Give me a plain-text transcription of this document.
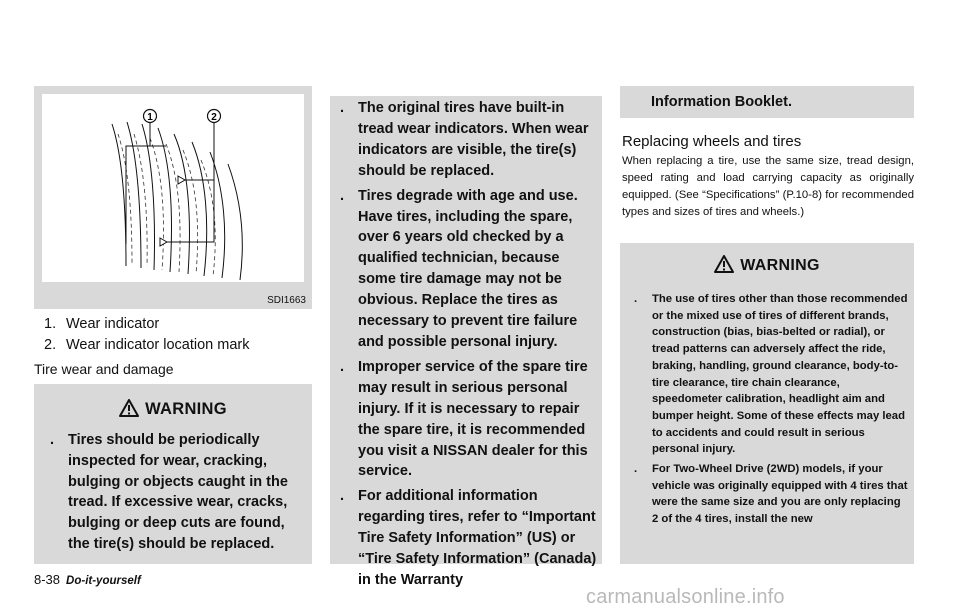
1	2
SDI1663
1. Wear indicator
2. Wear indicator location mark
Tire wear and damage
WARNING
. Tires should be periodically inspected for wear, cracking, bulging or objects caught in the tread. If excessive wear, cracks, bulging or deep cuts are found, the tire(s) should be replaced.
. The original tires have built-in tread wear indicators. When wear indicators are visible, the tire(s) should be replaced.
. Tires degrade with age and use. Have tires, including the spare, over 6 years old checked by a qualified technician, because some tire damage may not be obvious. Replace the tires as necessary to prevent tire failure and possible personal injury.
. Improper service of the spare tire may result in serious personal injury. If it is necessary to repair the spare tire, it is recommended you visit a NISSAN dealer for this service.
. For additional information regarding tires, refer to “Important Tire Safety Information” (US) or “Tire Safety Information” (Canada) in the Warranty
Information Booklet.
Replacing wheels and tires
When replacing a tire, use the same size, tread design, speed rating and load carrying capacity as originally equipped. (See “Specifications” (P.10-8) for recommended types and sizes of tires and wheels.)
WARNING
. The use of tires other than those recommended or the mixed use of tires of different brands, construction (bias, bias-belted or radial), or tread patterns can adversely affect the ride, braking, handling, ground clearance, body-to-tire clearance, tire chain clearance, speedometer calibration, headlight aim and bumper height. Some of these effects may lead to accidents and could result in serious personal injury.
. For Two-Wheel Drive (2WD) models, if your vehicle was originally equipped with 4 tires that were the same size and you are only replacing 2 of the 4 tires, install the new
8-38 Do-it-yourself
carmanualsonline.info
